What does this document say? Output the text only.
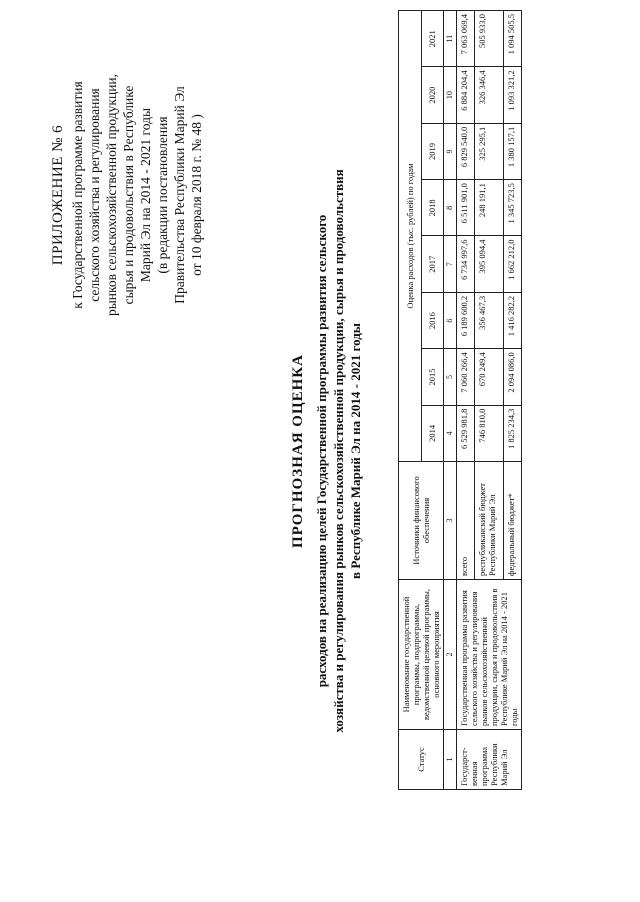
ПРИЛОЖЕНИЕ № 6 к Государственной программе развития сельского хозяйства и регулирования рынков сельскохозяйственной продукции, сырья и продовольствия в Республике Марий Эл на 2014 - 2021 годы (в редакции постановления Правительства Республики Марий Эл от 10 февраля 2018 г. № 48 )
ПРОГНОЗНАЯ ОЦЕНКА расходов на реализацию целей Государственной программы развития сельского хозяйства и регулирования рынков сельскохозяйственной продукции, сырья и продовольствия в Республике Марий Эл на 2014 - 2021 годы
Статус	Наименование государственной программы, подпрограммы, ведомственной целевой программы, основного мероприятия	Источники финансового обеспечения	Оценка расходов (тыс. рублей) по годам							
			2014	2015	2016	2017	2018	2019	2020	2021
1	2	3	4	5	6	7	8	9	10	11
Государст-венная программа Республики Марий Эл	Государственная программа развития сельского хозяйства и регулирования рынков сельскохозяйственной продукции, сырья и продовольствия в Республике Марий Эл на 2014 - 2021 годы	всего	6 529 981,8	7 060 266,4	6 189 600,2	6 734 997,6	6 511 901,0	6 829 540,0	6 884 204,4	7 063 069,4
		республиканский бюджет Республики Марий Эл	746 810,0	670 249,4	356 467,3	395 094,4	248 191,1	325 295,1	326 346,4	505 933,0
		федеральный бюджет*	1 825 234,3	2 094 086,0	1 416 282,2	1 662 212,0	1 345 723,5	1 380 157,1	1 093 321,2	1 094 505,5
